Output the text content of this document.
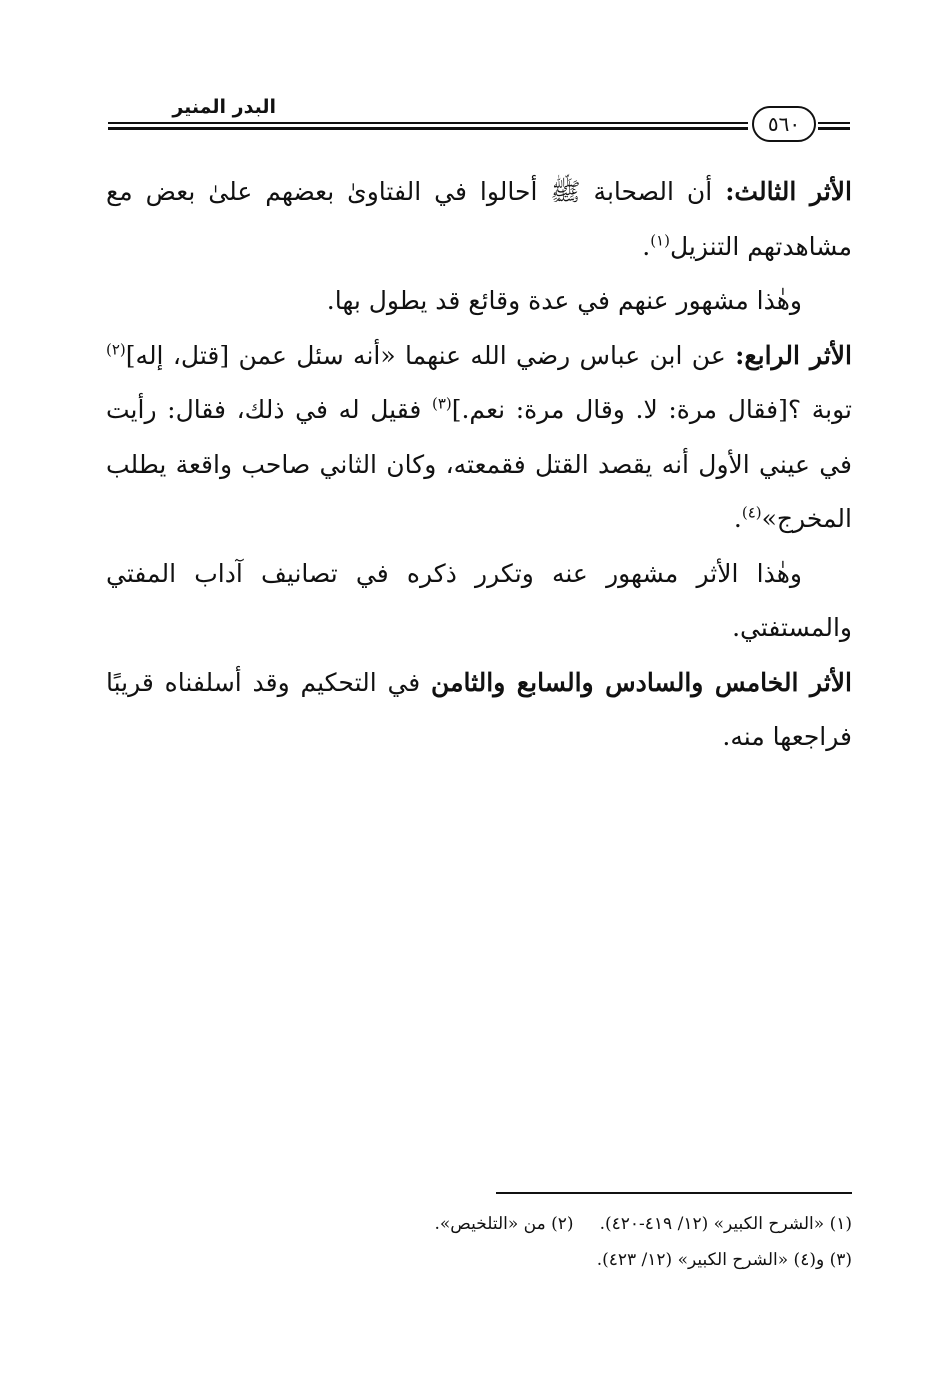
البدر المنير
٥٦٠

الأثر الثالث: أن الصحابة ﷺ أحالوا في الفتاوىٰ بعضهم علىٰ بعض مع مشاهدتهم التنزيل$^{(١)}$.

وهٰذا مشهور عنهم في عدة وقائع قد يطول بها.

الأثر الرابع: عن ابن عباس رضي الله عنهما «أنه سئل عمن [قتل، إله]$^{(٢)}$ توبة ؟[فقال مرة: لا. وقال مرة: نعم.]$^{(٣)}$ فقيل له في ذلك، فقال: رأيت في عيني الأول أنه يقصد القتل فقمعته، وكان الثاني صاحب واقعة يطلب المخرج»$^{(٤)}$.

وهٰذا الأثر مشهور عنه وتكرر ذكره في تصانيف آداب المفتي والمستفتي.

الأثر الخامس والسادس والسابع والثامن في التحكيم وقد أسلفناه قريبًا فراجعها منه.

(١) «الشرح الكبير» (١٢/ ٤١٩-٤٢٠).(٢) من «التلخيص».

(٣) و(٤) «الشرح الكبير» (١٢/ ٤٢٣).
